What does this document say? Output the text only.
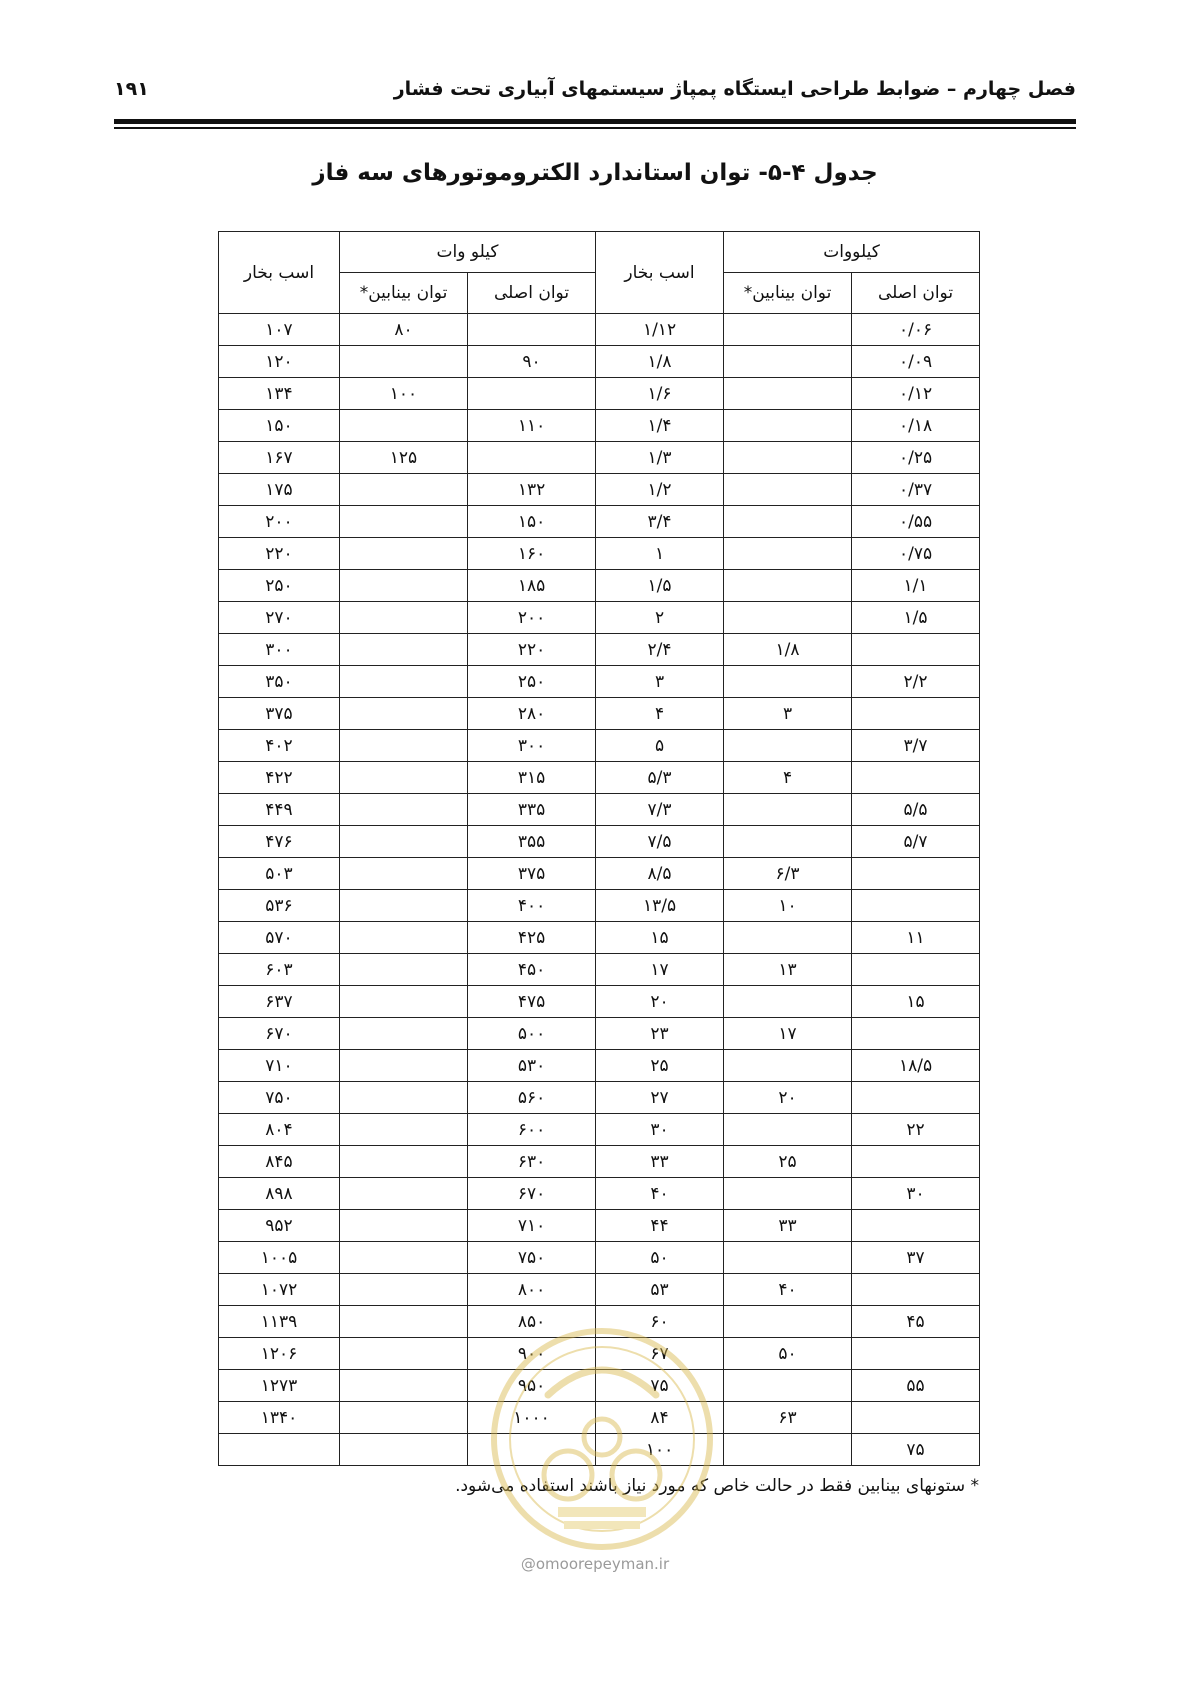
فصل چهارم – ضوابط طراحی ایستگاه پمپاژ سیستمهای آبیاری تحت فشار
۱۹۱
جدول ۴-۵- توان استاندارد الکتروموتورهای سه فاز
کیلووات		اسب بخار	کیلو وات		اسب بخار
توان اصلی	توان بینابین*		توان اصلی	توان بینابین*	
۰/۰۶		۱/۱۲		۸۰	۱۰۷
۰/۰۹		۱/۸	۹۰		۱۲۰
۰/۱۲		۱/۶		۱۰۰	۱۳۴
۰/۱۸		۱/۴	۱۱۰		۱۵۰
۰/۲۵		۱/۳		۱۲۵	۱۶۷
۰/۳۷		۱/۲	۱۳۲		۱۷۵
۰/۵۵		۳/۴	۱۵۰		۲۰۰
۰/۷۵		۱	۱۶۰		۲۲۰
۱/۱		۱/۵	۱۸۵		۲۵۰
۱/۵		۲	۲۰۰		۲۷۰
	۱/۸	۲/۴	۲۲۰		۳۰۰
۲/۲		۳	۲۵۰		۳۵۰
	۳	۴	۲۸۰		۳۷۵
۳/۷		۵	۳۰۰		۴۰۲
	۴	۵/۳	۳۱۵		۴۲۲
۵/۵		۷/۳	۳۳۵		۴۴۹
۵/۷		۷/۵	۳۵۵		۴۷۶
	۶/۳	۸/۵	۳۷۵		۵۰۳
	۱۰	۱۳/۵	۴۰۰		۵۳۶
۱۱		۱۵	۴۲۵		۵۷۰
	۱۳	۱۷	۴۵۰		۶۰۳
۱۵		۲۰	۴۷۵		۶۳۷
	۱۷	۲۳	۵۰۰		۶۷۰
۱۸/۵		۲۵	۵۳۰		۷۱۰
	۲۰	۲۷	۵۶۰		۷۵۰
۲۲		۳۰	۶۰۰		۸۰۴
	۲۵	۳۳	۶۳۰		۸۴۵
۳۰		۴۰	۶۷۰		۸۹۸
	۳۳	۴۴	۷۱۰		۹۵۲
۳۷		۵۰	۷۵۰		۱۰۰۵
	۴۰	۵۳	۸۰۰		۱۰۷۲
۴۵		۶۰	۸۵۰		۱۱۳۹
	۵۰	۶۷	۹۰۰		۱۲۰۶
۵۵		۷۵	۹۵۰		۱۲۷۳
	۶۳	۸۴	۱۰۰۰		۱۳۴۰
۷۵		۱۰۰			
* ستونهای بینابین فقط در حالت خاص که مورد نیاز باشند استفاده می‌شود.
@omoorepeyman.ir
